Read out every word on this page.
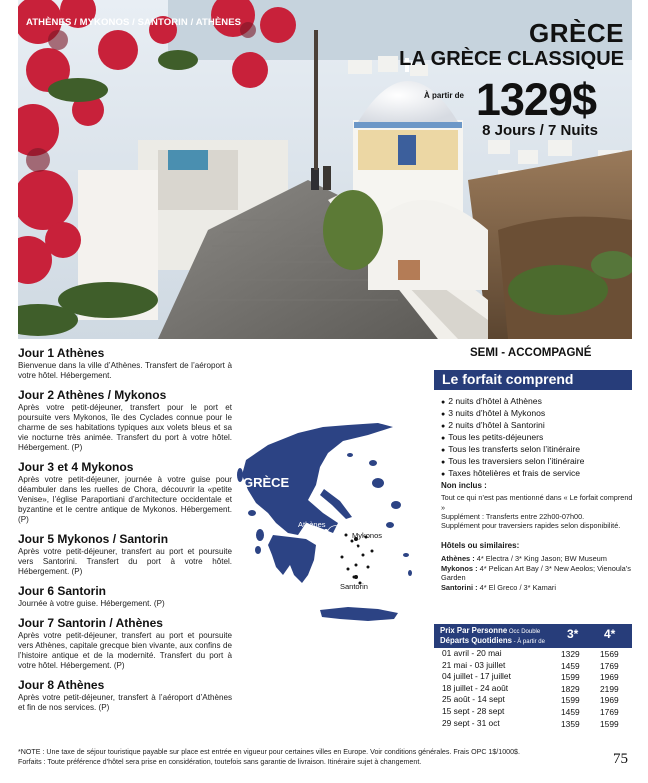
ATHÈNES / MYKONOS / SANTORIN / ATHÈNES	GRÈCE
LA GRÈCE CLASSIQUE
À partir de 1329$
8 Jours / 7 Nuits
Jour 1 Athènes

Bienvenue dans la ville d’Athènes. Transfert de l’aéroport à votre hôtel. Hébergement.

Jour 2 Athènes / Mykonos

Après votre petit-déjeuner, transfert pour le port et poursuite vers Mykonos, île des Cyclades connue pour le charme de ses habitations typiques aux volets bleus et sa vie nocturne très animée. Transfert du port à votre hôtel. Hébergement. (P)

Jour 3 et 4 Mykonos

Après votre petit-déjeuner, journée à votre guise pour déambuler dans les ruelles de Chora, découvrir la «petite Venise», l’église Paraportiani d’architecture occidentale et byzantine et le centre antique de Mykonos. Hébergement. (P)

Jour 5 Mykonos / Santorin

Après votre petit-déjeuner, transfert au port et poursuite vers Santorini. Transfert du port à votre hôtel. Hébergement. (P)

Jour 6 Santorin

Journée à votre guise. Hébergement. (P)

Jour 7 Santorin / Athènes

Après votre petit-déjeuner, transfert au port et poursuite vers Athènes, capitale grecque bien vivante, aux confins de l’histoire antique et de la modernité. Transfert du port à votre hôtel. Hébergement. (P)

Jour 8 Athènes

Après votre petit-déjeuner, transfert à l’aéroport d’Athènes et fin de nos services. (P)

GRÈCE
Athènes
Mykonos
Santorin
SEMI - ACCOMPAGNÉ
Le forfait comprend
● 2 nuits d’hôtel à Athènes
● 3 nuits d’hôtel à Mykonos
● 2 nuits d’hôtel à Santorini
● Tous les petits-déjeuners
● Tous les transferts selon l’itinéraire
● Tous les traversiers selon l’itinéraire
● Taxes hôtelières et frais de service
Non inclus :
Tout ce qui n’est pas mentionné dans « Le forfait comprend »
Supplément : Transferts entre 22h00-07h00.
Supplément pour traversiers rapides selon disponibilité.
Hôtels ou similaires:
Athènes : 4* Electra / 3* King Jason; BW Museum
Mykonos : 4* Pelican Art Bay / 3* New Aeolos; Vienoula’s Garden
Santorini : 4* El Greco / 3* Kamari
Prix Par Personne Occ Double
Départs Quotidiens - À partir de
3* 4*
01 avril - 20 mai	1329 1569
21 mai - 03 juillet	1459 1769
04 juillet - 17 juillet	1599 1969
18 juillet - 24 août	1829 2199
25 août - 14 sept	1599 1969
15 sept - 28 sept	1459 1769
29 sept - 31 oct	1359 1599
*NOTE : Une taxe de séjour touristique payable sur place est entrée en vigueur pour certaines villes en Europe. Voir conditions générales. Frais OPC 1$/1000$.
Forfaits : Toute préférence d’hôtel sera prise en considération, toutefois sans garantie de livraison. Itinéraire sujet à changement.	75
